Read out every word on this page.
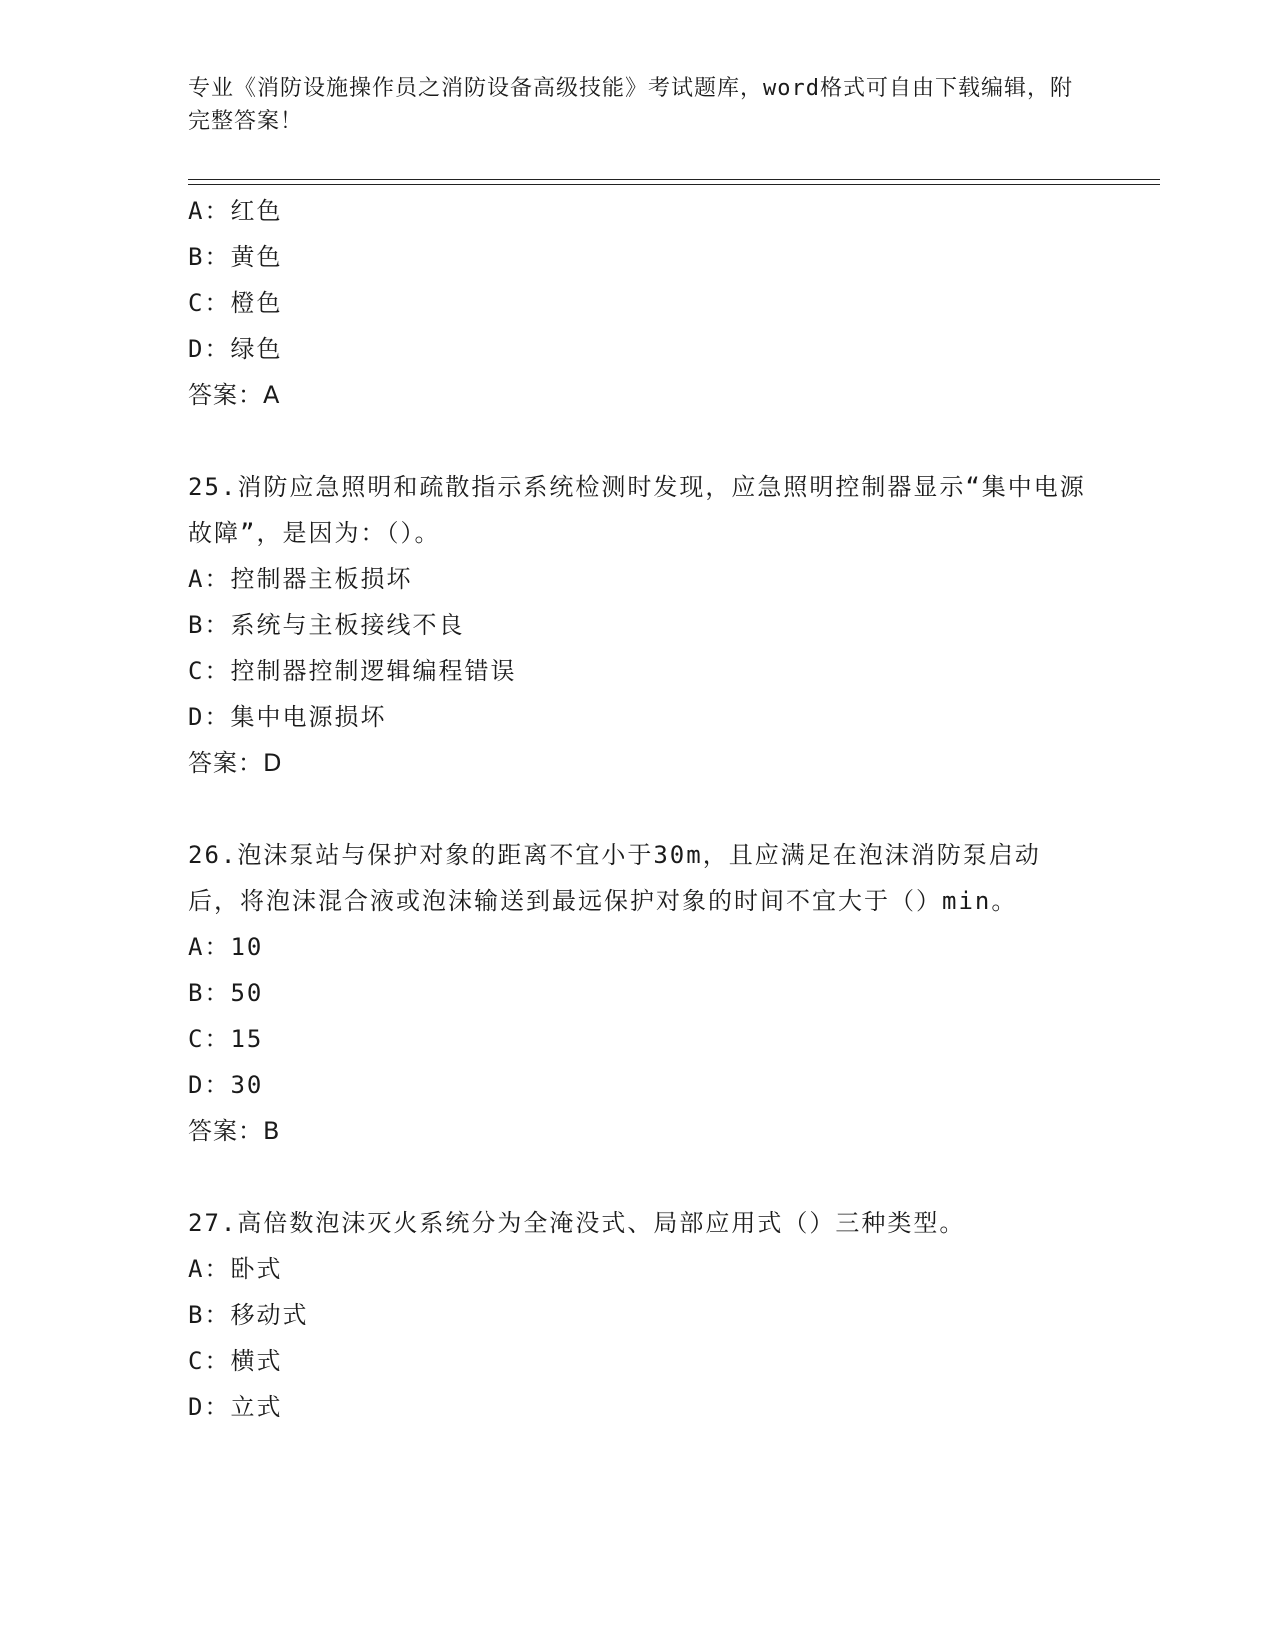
专业《消防设施操作员之消防设备高级技能》考试题库，word格式可自由下载编辑，附完整答案！
A：红色
B：黄色
C：橙色
D：绿色
答案：A
25.消防应急照明和疏散指示系统检测时发现，应急照明控制器显示“集中电源故障”，是因为：（）。
A：控制器主板损坏
B：系统与主板接线不良
C：控制器控制逻辑编程错误
D：集中电源损坏
答案：D
26.泡沫泵站与保护对象的距离不宜小于30m，且应满足在泡沫消防泵启动后，将泡沫混合液或泡沫输送到最远保护对象的时间不宜大于（）min。
A：10
B：50
C：15
D：30
答案：B
27.高倍数泡沫灭火系统分为全淹没式、局部应用式（）三种类型。
A：卧式
B：移动式
C：横式
D：立式
